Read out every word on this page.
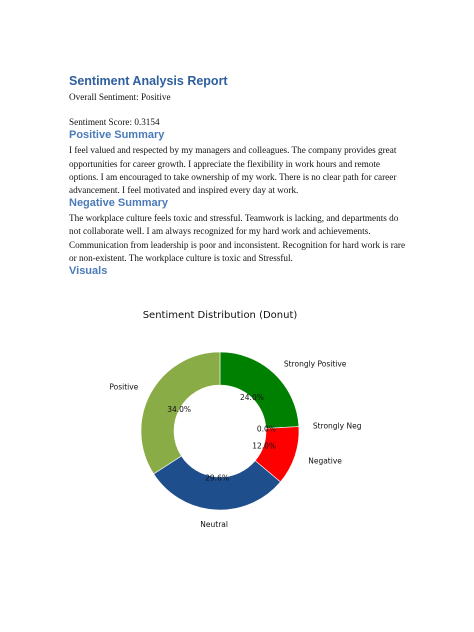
Sentiment Analysis Report

Overall Sentiment: Positive

Sentiment Score: 0.3154

Positive Summary

I feel valued and respected by my managers and colleagues. The company provides great opportunities for career growth. I appreciate the flexibility in work hours and remote options. I am encouraged to take ownership of my work. There is no clear path for career advancement. I feel motivated and inspired every day at work.

Negative Summary

The workplace culture feels toxic and stressful. Teamwork is lacking, and departments do not collaborate well. I am always recognized for my hard work and achievements. Communication from leadership is poor and inconsistent. Recognition for hard work is rare or non-existent. The workplace culture is toxic and Stressful.

Visuals
Sentiment Distribution (Donut)
Strongly Positive
24.0%
Strongly Neg
0.0%
Negative
12.0%
Neutral
29.6%
Positive
34.0%
